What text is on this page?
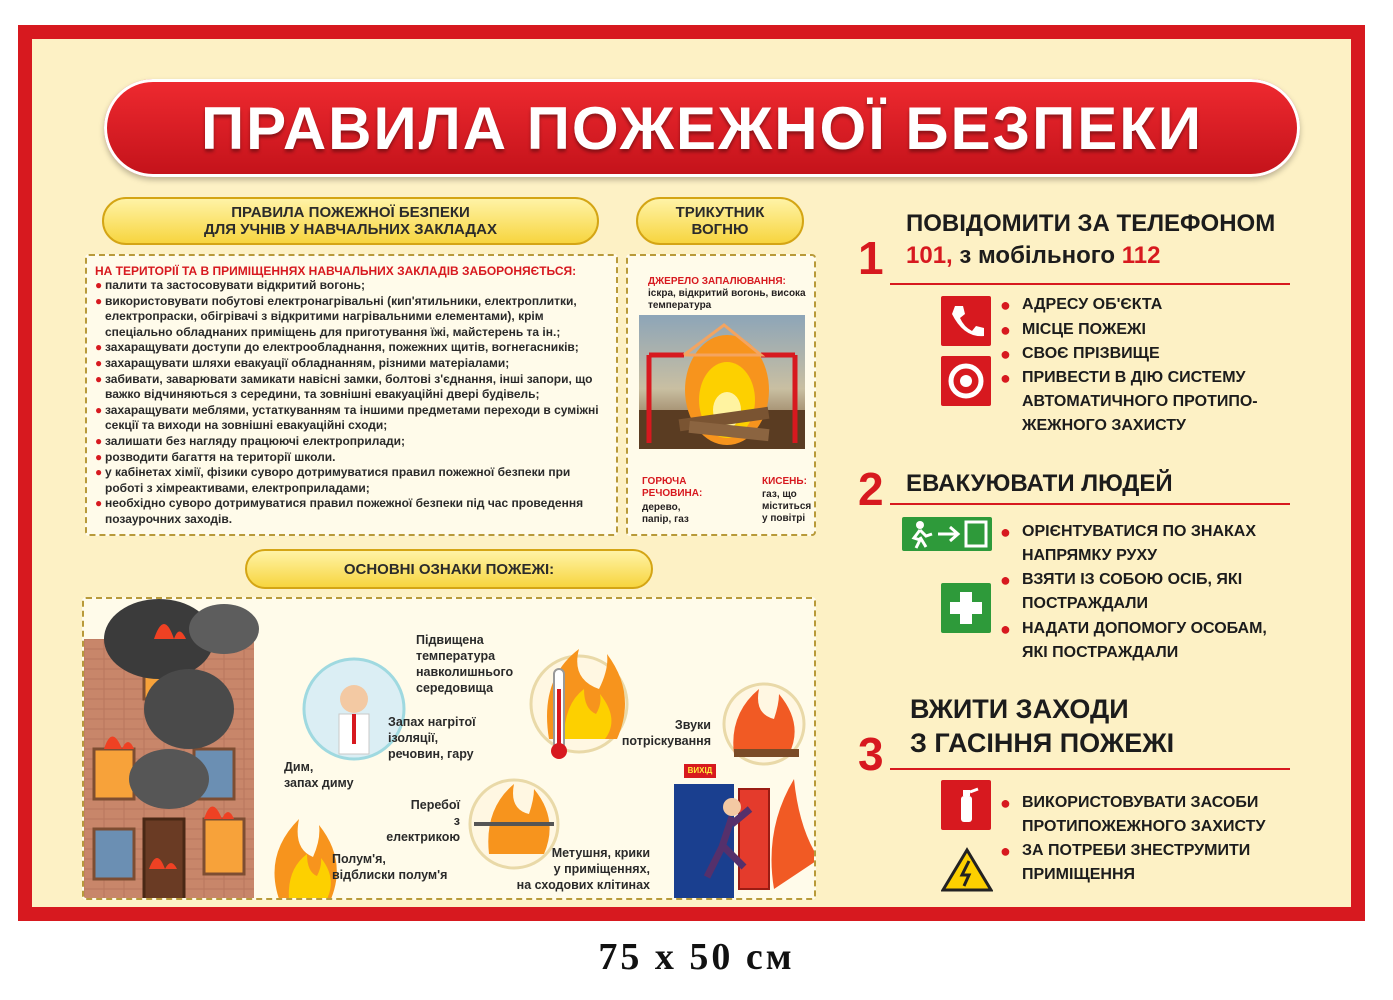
ПРАВИЛА ПОЖЕЖНОЇ БЕЗПЕКИ
ПРАВИЛА ПОЖЕЖНОЇ БЕЗПЕКИ
ДЛЯ УЧНІВ У НАВЧАЛЬНИХ ЗАКЛАДАХ
ТРИКУТНИК
ВОГНЮ
НА ТЕРИТОРІЇ ТА В ПРИМІЩЕННЯХ НАВЧАЛЬНИХ ЗАКЛАДІВ ЗАБОРОНЯЄТЬСЯ:
● палити та застосовувати відкритий вогонь;
● використовувати побутові електронагрівальні (кип'ятильники, електроплитки, електропраски, обігрівачі з відкритими нагрівальними елементами), крім спеціально обладнаних приміщень для приготування їжі, майстерень та ін.;
● захаращувати доступи до електрообладнання, пожежних щитів, вогнегасників;
● захаращувати шляхи евакуації обладнанням, різними матеріалами;
● забивати, заварювати замикати навісні замки, болтові з'єднання, інші запори, що важко відчиняються з середини, та зовнішні евакуаційні двері будівель;
● захаращувати меблями, устаткуванням та іншими предметами переходи в суміжні секції та виходи на зовнішні евакуаційні сходи;
● залишати без нагляду працюючі електроприлади;
● розводити багаття на території школи.
● у кабінетах хімії, фізики суворо дотримуватися правил пожежної безпеки при роботі з хімреактивами, електроприладами;
● необхідно суворо дотримуватися правил пожежної безпеки під час проведення позаурочних заходів.
ДЖЕРЕЛО ЗАПАЛЮВАННЯ:
іскра, відкритий вогонь, висока температура
ГОРЮЧА
РЕЧОВИНА:
дерево,
папір, газ
КИСЕНЬ:
газ, що
міститься
у повітрі
ОСНОВНІ ОЗНАКИ ПОЖЕЖІ:
ВИХІД
Підвищена
температура
навколишнього
середовища
Запах нагрітої
ізоляції,
речовин, гару
Звуки
потріскування
Дим,
запах диму
Перебої
з електрикою
Полум'я,
відблиски полум'я
Метушня, крики
у приміщеннях,
на сходових клітинах
1
ПОВІДОМИТИ ЗА ТЕЛЕФОНОМ
101, з мобільного 112
● АДРЕСУ ОБ'ЄКТА
● МІСЦЕ ПОЖЕЖІ
● СВОЄ ПРІЗВИЩЕ
● ПРИВЕСТИ В ДІЮ СИСТЕМУ АВТОМАТИЧНОГО ПРОТИПО-ЖЕЖНОГО ЗАХИСТУ
2 ЕВАКУЮВАТИ ЛЮДЕЙ
● ОРІЄНТУВАТИСЯ ПО ЗНАКАХ НАПРЯМКУ РУХУ
● ВЗЯТИ ІЗ СОБОЮ ОСІБ, ЯКІ ПОСТРАЖДАЛИ
● НАДАТИ ДОПОМОГУ ОСОБАМ, ЯКІ ПОСТРАЖДАЛИ
3
ВЖИТИ ЗАХОДИ
З ГАСІННЯ ПОЖЕЖІ
● ВИКОРИСТОВУВАТИ ЗАСОБИ ПРОТИПОЖЕЖНОГО ЗАХИСТУ
● ЗА ПОТРЕБИ ЗНЕСТРУМИТИ ПРИМІЩЕННЯ
75 x 50 см
